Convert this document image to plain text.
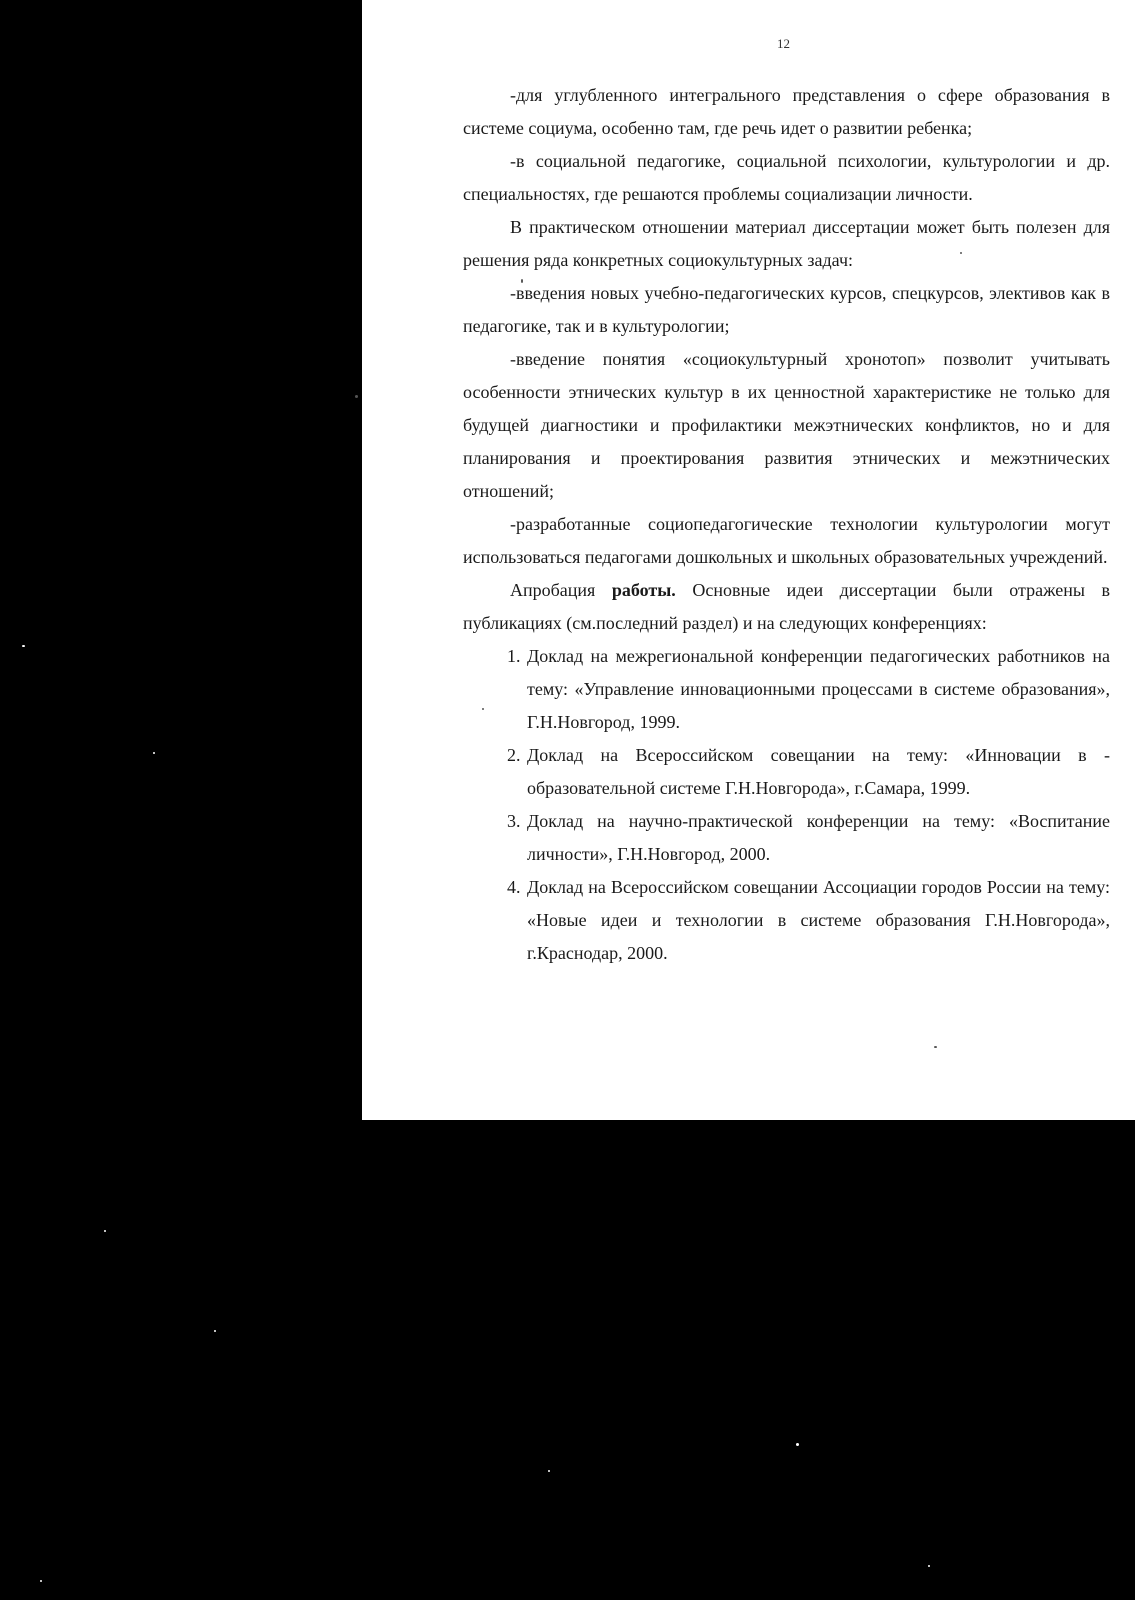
12

-для углубленного интегрального представления о сфере образования в системе социума, особенно там, где речь идет о развитии ребенка;

-в социальной педагогике, социальной психологии, культурологии и др. специальностях, где решаются проблемы социализации личности.

В практическом отношении материал диссертации может быть полезен для решения ряда конкретных социокультурных задач:

-введения новых учебно-педагогических курсов, спецкурсов, элективов как в педагогике, так и в культурологии;

-введение понятия «социокультурный хронотоп» позволит учитывать особенности этнических культур в их ценностной характеристике не только для будущей диагностики и профилактики межэтнических конфликтов, но и для планирования и проектирования развития этнических и межэтнических отношений;

-разработанные социопедагогические технологии культурологии могут использоваться педагогами дошкольных и школьных образовательных учреждений.

Апробация работы. Основные идеи диссертации были отражены в публикациях (см.последний раздел) и на следующих конференциях:

1. Доклад на межрегиональной конференции педагогических работников на тему: «Управление инновационными процессами в системе образования», Г.Н.Новгород, 1999.
2. Доклад на Всероссийском совещании на тему: «Инновации в - образовательной системе Г.Н.Новгорода», г.Самара, 1999.
3. Доклад на научно-практической конференции на тему: «Воспитание личности», Г.Н.Новгород, 2000.
4. Доклад на Всероссийском совещании Ассоциации городов России на тему: «Новые идеи и технологии в системе образования Г.Н.Новгорода», г.Краснодар, 2000.
